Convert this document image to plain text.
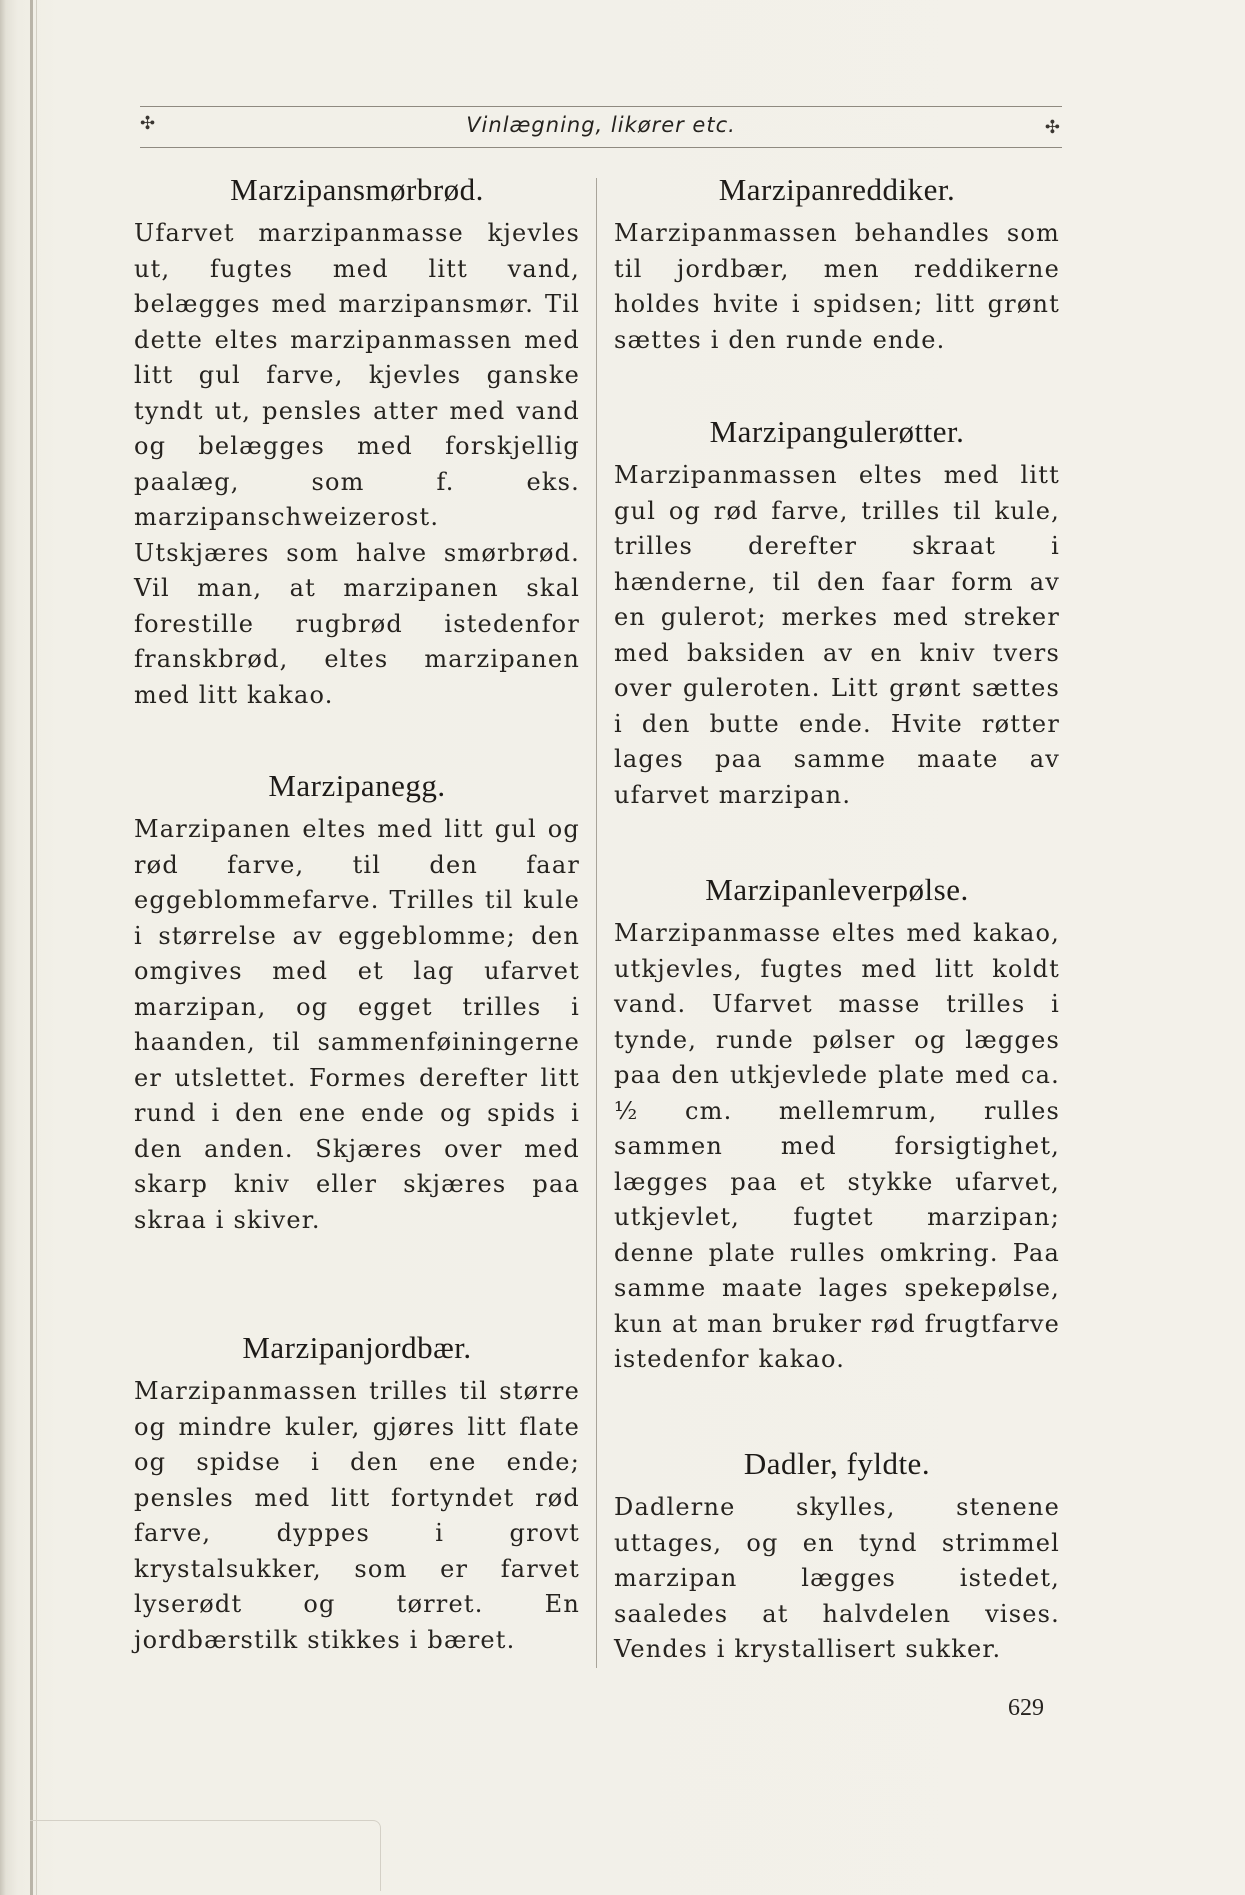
✣	Vinlægning, likører etc.	✣
Marzipansmørbrød.
Ufarvet marzipanmasse kjevles ut, fugtes med litt vand, belægges med marzipansmør. Til dette eltes marzipanmassen med litt gul farve, kjevles ganske tyndt ut, pensles atter med vand og belægges med forskjellig paalæg, som f. eks. marzipanschweizerost. Utskjæres som halve smørbrød. Vil man, at marzipanen skal forestille rugbrød istedenfor franskbrød, eltes marzipanen med litt kakao.
Marzipanegg.
Marzipanen eltes med litt gul og rød farve, til den faar eggeblommefarve. Trilles til kule i størrelse av eggeblomme; den omgives med et lag ufarvet marzipan, og egget trilles i haanden, til sammenføiningerne er utslettet. Formes derefter litt rund i den ene ende og spids i den anden. Skjæres over med skarp kniv eller skjæres paa skraa i skiver.
Marzipanjordbær.
Marzipanmassen trilles til større og mindre kuler, gjøres litt flate og spidse i den ene ende; pensles med litt fortyndet rød farve, dyppes i grovt krystalsukker, som er farvet lyserødt og tørret. En jordbærstilk stikkes i bæret.
Marzipanreddiker.
Marzipanmassen behandles som til jordbær, men reddikerne holdes hvite i spidsen; litt grønt sættes i den runde ende.
Marzipangulerøtter.
Marzipanmassen eltes med litt gul og rød farve, trilles til kule, trilles derefter skraat i hænderne, til den faar form av en gulerot; merkes med streker med baksiden av en kniv tvers over guleroten. Litt grønt sættes i den butte ende. Hvite røtter lages paa samme maate av ufarvet marzipan.
Marzipanleverpølse.
Marzipanmasse eltes med kakao, utkjevles, fugtes med litt koldt vand. Ufarvet masse trilles i tynde, runde pølser og lægges paa den utkjevlede plate med ca. ½ cm. mellemrum, rulles sammen med forsigtighet, lægges paa et stykke ufarvet, utkjevlet, fugtet marzipan; denne plate rulles omkring. Paa samme maate lages spekepølse, kun at man bruker rød frugtfarve istedenfor kakao.
Dadler, fyldte.
Dadlerne skylles, stenene uttages, og en tynd strimmel marzipan lægges istedet, saaledes at halvdelen vises. Vendes i krystallisert sukker.
629
